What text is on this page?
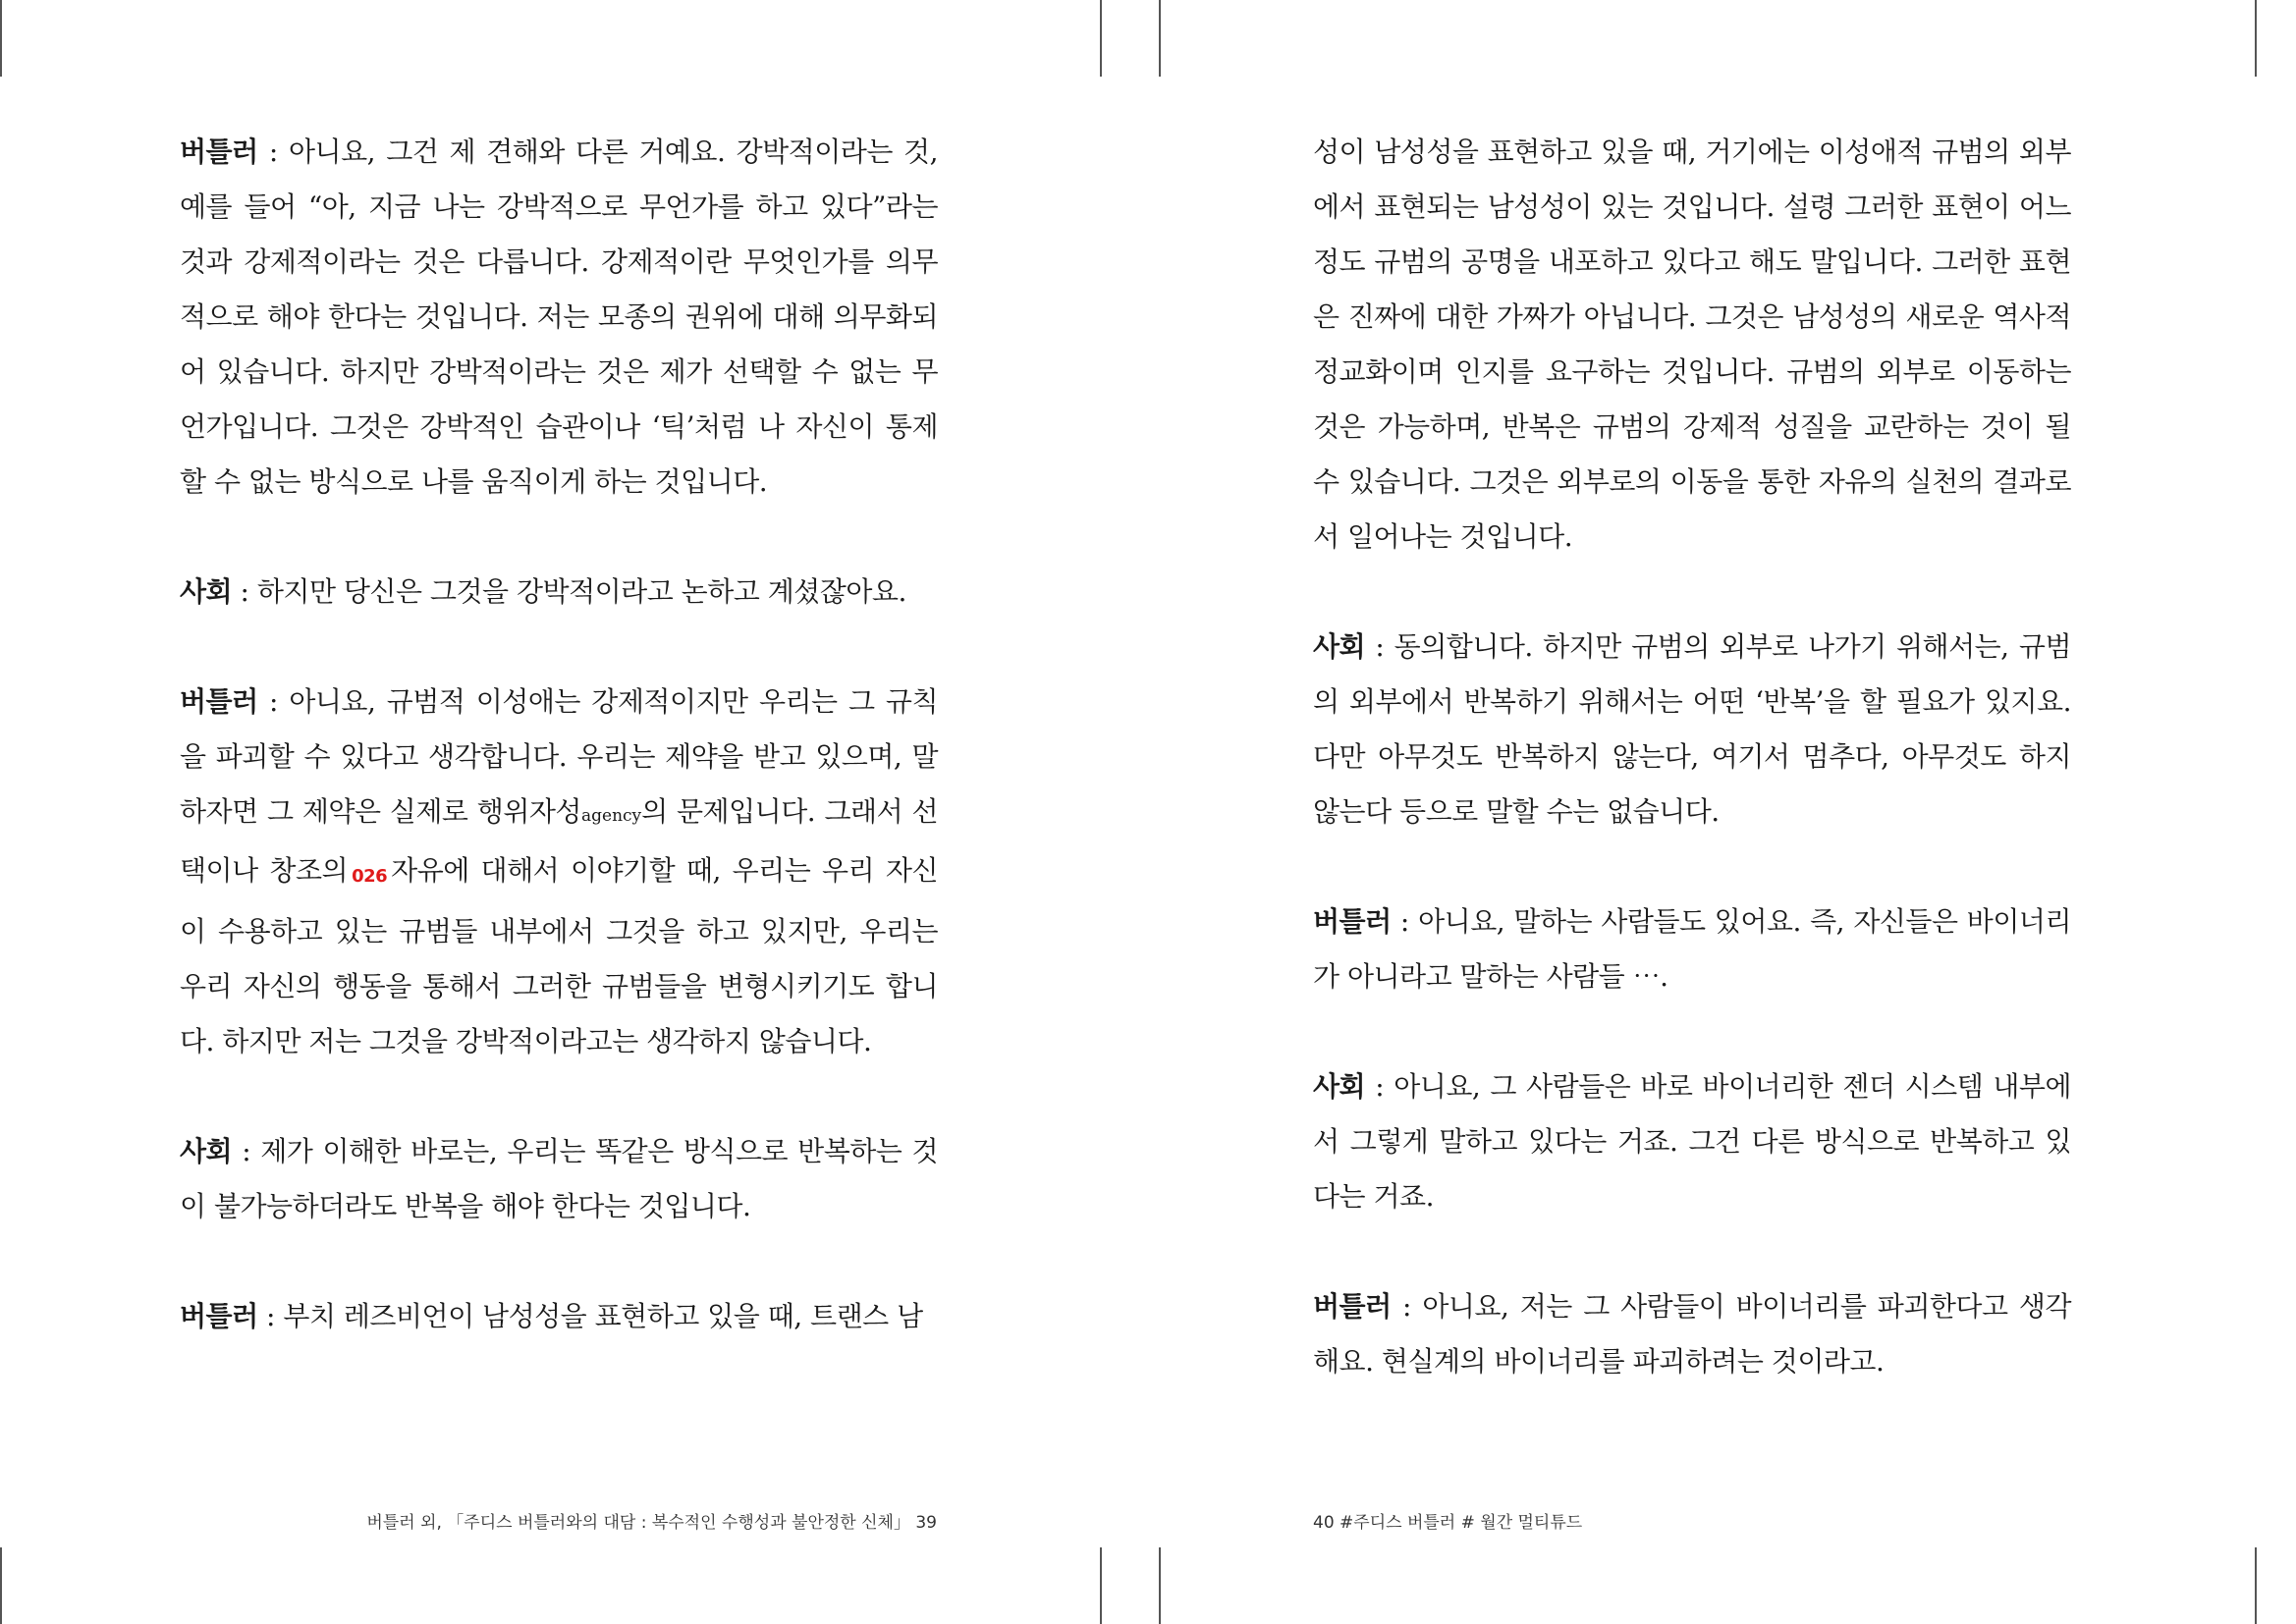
버틀러 : 아니요, 그건 제 견해와 다른 거예요. 강박적이라는 것, 예를 들어 “아, 지금 나는 강박적으로 무언가를 하고 있다”라는 것과 강제적이라는 것은 다릅니다. 강제적이란 무엇인가를 의무적으로 해야 한다는 것입니다. 저는 모종의 권위에 대해 의무화되어 있습니다. 하지만 강박적이라는 것은 제가 선택할 수 없는 무언가입니다. 그것은 강박적인 습관이나 ‘틱’처럼 나 자신이 통제할 수 없는 방식으로 나를 움직이게 하는 것입니다.

사회 : 하지만 당신은 그것을 강박적이라고 논하고 계셨잖아요.

버틀러 : 아니요, 규범적 이성애는 강제적이지만 우리는 그 규칙을 파괴할 수 있다고 생각합니다. 우리는 제약을 받고 있으며, 말하자면 그 제약은 실제로 행위자성agency의 문제입니다. 그래서 선택이나 창조의 026 자유에 대해서 이야기할 때, 우리는 우리 자신이 수용하고 있는 규범들 내부에서 그것을 하고 있지만, 우리는 우리 자신의 행동을 통해서 그러한 규범들을 변형시키기도 합니다. 하지만 저는 그것을 강박적이라고는 생각하지 않습니다.

사회 : 제가 이해한 바로는, 우리는 똑같은 방식으로 반복하는 것이 불가능하더라도 반복을 해야 한다는 것입니다.

버틀러 : 부치 레즈비언이 남성성을 표현하고 있을 때, 트랜스 남

버틀러 외, 「주디스 버틀러와의 대담 : 복수적인 수행성과 불안정한 신체」 39

성이 남성성을 표현하고 있을 때, 거기에는 이성애적 규범의 외부에서 표현되는 남성성이 있는 것입니다. 설령 그러한 표현이 어느 정도 규범의 공명을 내포하고 있다고 해도 말입니다. 그러한 표현은 진짜에 대한 가짜가 아닙니다. 그것은 남성성의 새로운 역사적 정교화이며 인지를 요구하는 것입니다. 규범의 외부로 이동하는 것은 가능하며, 반복은 규범의 강제적 성질을 교란하는 것이 될 수 있습니다. 그것은 외부로의 이동을 통한 자유의 실천의 결과로서 일어나는 것입니다.

사회 : 동의합니다. 하지만 규범의 외부로 나가기 위해서는, 규범의 외부에서 반복하기 위해서는 어떤 ‘반복’을 할 필요가 있지요. 다만 아무것도 반복하지 않는다, 여기서 멈추다, 아무것도 하지 않는다 등으로 말할 수는 없습니다.

버틀러 : 아니요, 말하는 사람들도 있어요. 즉, 자신들은 바이너리가 아니라고 말하는 사람들 ⋯.

사회 : 아니요, 그 사람들은 바로 바이너리한 젠더 시스템 내부에서 그렇게 말하고 있다는 거죠. 그건 다른 방식으로 반복하고 있다는 거죠.

버틀러 : 아니요, 저는 그 사람들이 바이너리를 파괴한다고 생각해요. 현실계의 바이너리를 파괴하려는 것이라고.

40 #주디스 버틀러 # 월간 멀티튜드
